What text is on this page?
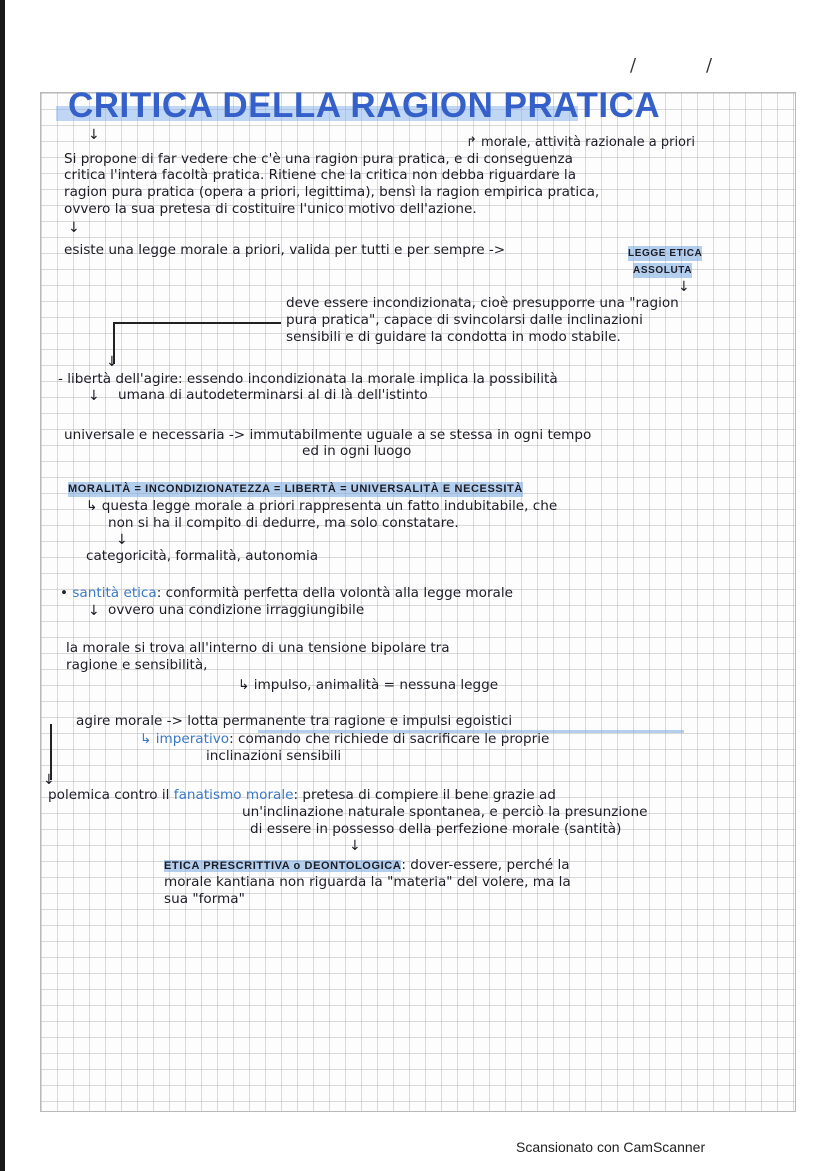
/	/
CRITICA DELLA RAGION PRATICA
↓	↱ morale, attività razionale a priori
Si propone di far vedere che c'è una ragion pura pratica, e di conseguenza
critica l'intera facoltà pratica. Ritiene che la critica non debba riguardare la
ragion pura pratica (opera a priori, legittima), bensì la ragion empirica pratica,
ovvero la sua pretesa di costituire l'unico motivo dell'azione.
↓
esiste una legge morale a priori, valida per tutti e per sempre ->	LEGGE ETICA
ASSOLUTA
↓
deve essere incondizionata, cioè presupporre una "ragion
pura pratica", capace di svincolarsi dalle inclinazioni
sensibili e di guidare la condotta in modo stabile.
↓
- libertà dell'agire: essendo incondizionata la morale implica la possibilità
↓ umana di autodeterminarsi al di là dell'istinto
universale e necessaria -> immutabilmente uguale a se stessa in ogni tempo
ed in ogni luogo
MORALITÀ = INCONDIZIONATEZZA = LIBERTÀ = UNIVERSALITÀ E NECESSITÀ
↳ questa legge morale a priori rappresenta un fatto indubitabile, che
non si ha il compito di dedurre, ma solo constatare.
↓
categoricità, formalità, autonomia
• santità etica: conformità perfetta della volontà alla legge morale
↓ ovvero una condizione irraggiungibile
la morale si trova all'interno di una tensione bipolare tra
ragione e sensibilità,
↳ impulso, animalità = nessuna legge
↓
agire morale -> lotta permanente tra ragione e impulsi egoistici
↳ imperativo: comando che richiede di sacrificare le proprie
inclinazioni sensibili
polemica contro il fanatismo morale: pretesa di compiere il bene grazie ad
un'inclinazione naturale spontanea, e perciò la presunzione
di essere in possesso della perfezione morale (santità)
↓
ETICA PRESCRITTIVA o DEONTOLOGICA: dover-essere, perché la
morale kantiana non riguarda la "materia" del volere, ma la
sua "forma"
Scansionato con CamScanner
